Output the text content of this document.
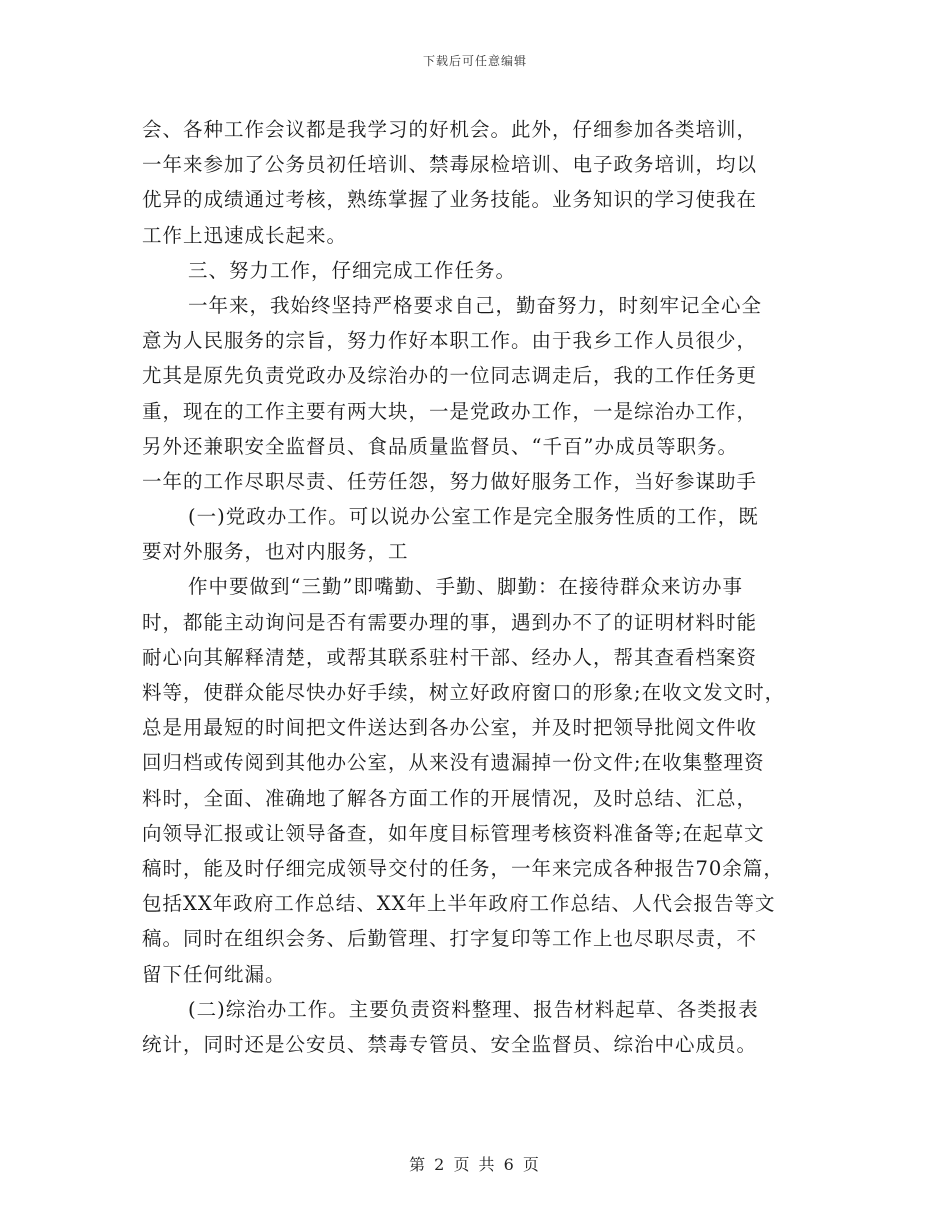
下载后可任意编辑
会、各种工作会议都是我学习的好机会。此外，仔细参加各类培训，
一年来参加了公务员初任培训、禁毒尿检培训、电子政务培训，均以
优异的成绩通过考核，熟练掌握了业务技能。业务知识的学习使我在
工作上迅速成长起来。
三、努力工作，仔细完成工作任务。
一年来，我始终坚持严格要求自己，勤奋努力，时刻牢记全心全
意为人民服务的宗旨，努力作好本职工作。由于我乡工作人员很少，
尤其是原先负责党政办及综治办的一位同志调走后，我的工作任务更
重，现在的工作主要有两大块，一是党政办工作，一是综治办工作，
另外还兼职安全监督员、食品质量监督员、“千百”办成员等职务。
一年的工作尽职尽责、任劳任怨，努力做好服务工作，当好参谋助手
(一)党政办工作。可以说办公室工作是完全服务性质的工作，既
要对外服务，也对内服务，工
作中要做到“三勤”即嘴勤、手勤、脚勤：在接待群众来访办事
时，都能主动询问是否有需要办理的事，遇到办不了的证明材料时能
耐心向其解释清楚，或帮其联系驻村干部、经办人，帮其查看档案资
料等，使群众能尽快办好手续，树立好政府窗口的形象;在收文发文时，
总是用最短的时间把文件送达到各办公室，并及时把领导批阅文件收
回归档或传阅到其他办公室，从来没有遗漏掉一份文件;在收集整理资
料时，全面、准确地了解各方面工作的开展情况，及时总结、汇总，
向领导汇报或让领导备查，如年度目标管理考核资料准备等;在起草文
稿时，能及时仔细完成领导交付的任务，一年来完成各种报告70余篇，
包括XX年政府工作总结、XX年上半年政府工作总结、人代会报告等文
稿。同时在组织会务、后勤管理、打字复印等工作上也尽职尽责，不
留下任何纰漏。
(二)综治办工作。主要负责资料整理、报告材料起草、各类报表
统计，同时还是公安员、禁毒专管员、安全监督员、综治中心成员。
第 2 页 共 6 页
